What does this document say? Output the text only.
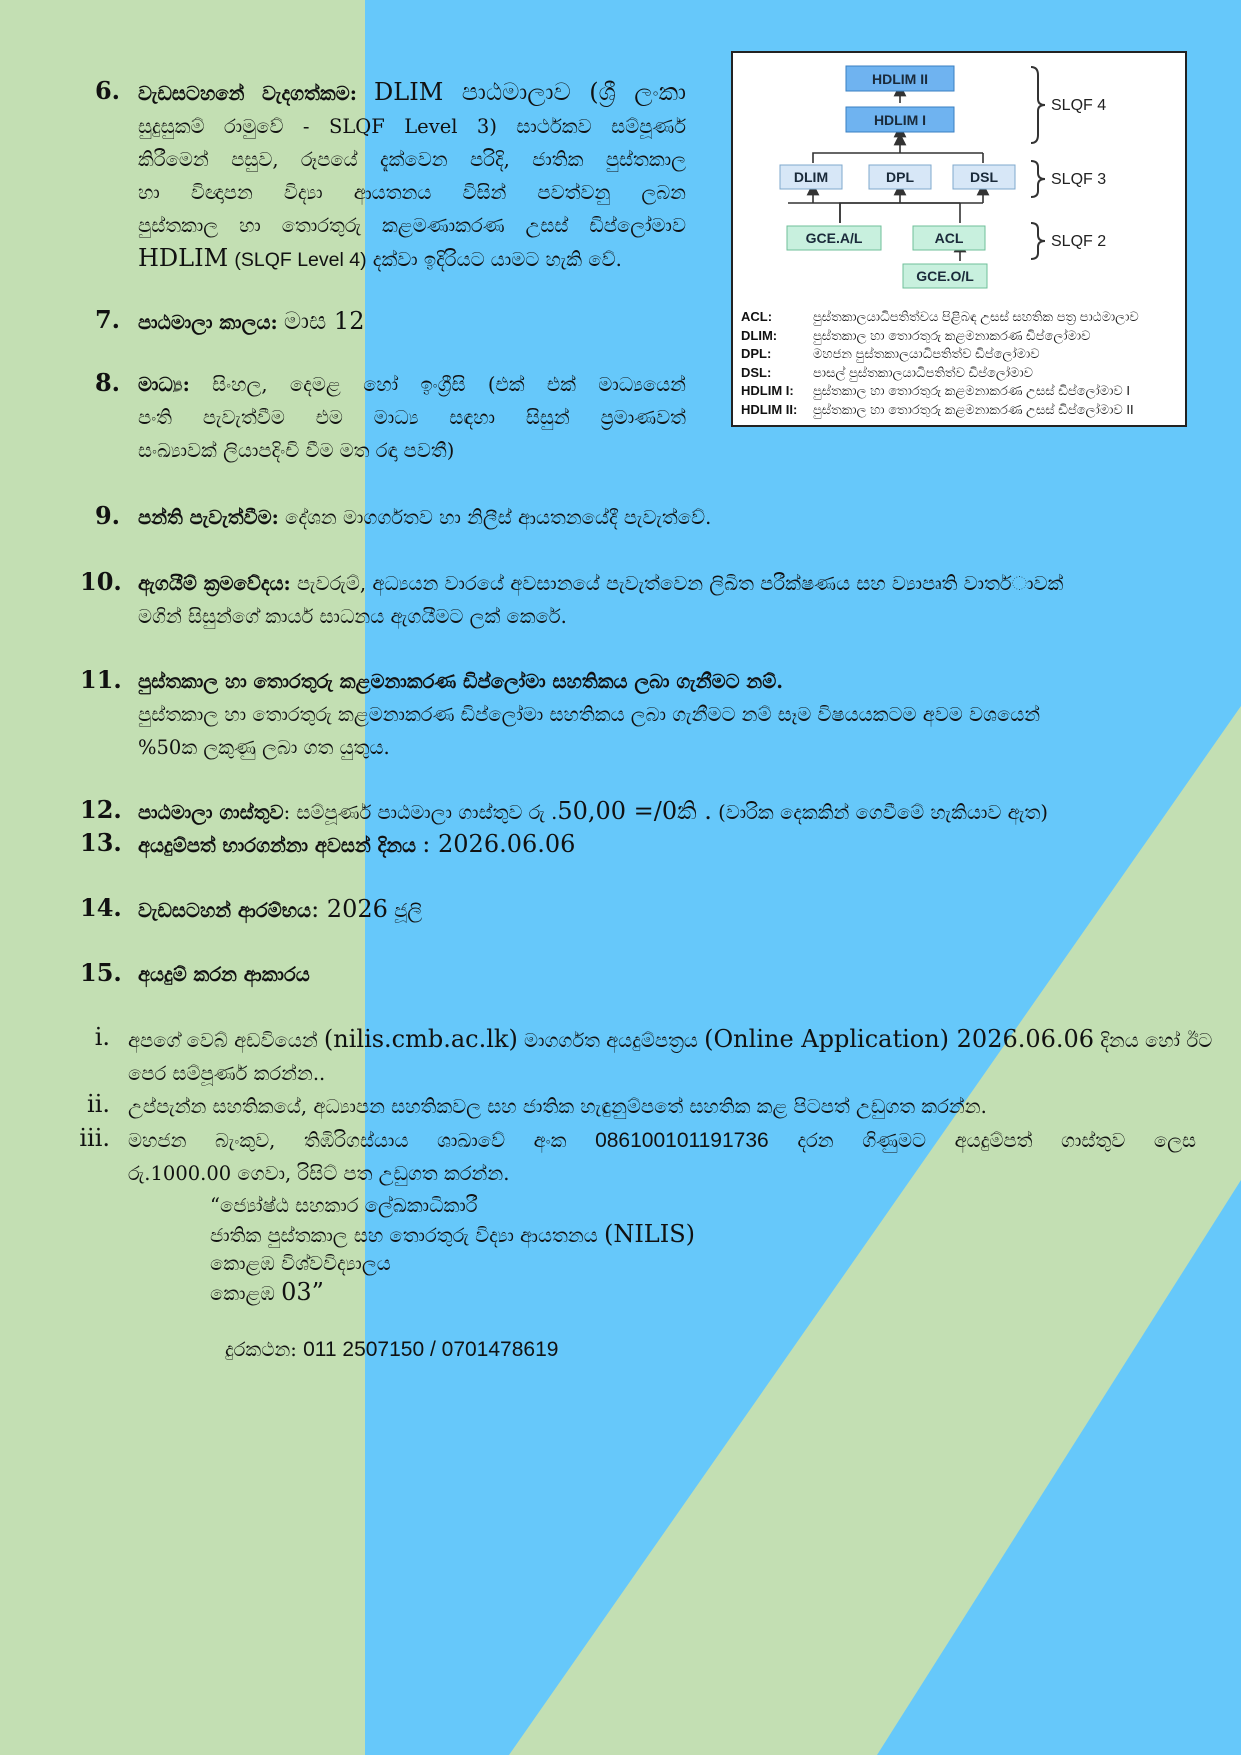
HDLIM II
HDLIM I
DLIM	DPL	DSL
GCE.A/L	ACL
GCE.O/L
SLQF 4
SLQF 3
SLQF 2
ACL:	පුස්තකාලයාධිපතිත්වය පිළිබඳ උසස් සහතික පත්‍ර පාඨමාලාව
DLIM:	පුස්තකාල හා තොරතුරු කළමනාකරණ ඩිප්ලෝමාව
DPL:	මහජන පුස්තකාලයාධිපතිත්ව ඩිප්ලෝමාව
DSL:	පාසල් පුස්තකාලයාධිපතිත්ව ඩිප්ලෝමාව
HDLIM I: පුස්තකාල හා තොරතුරු කළමනාකරණ උසස් ඩිප්ලෝමාව I
HDLIM II: පුස්තකාල හා තොරතුරු කළමනාකරණ උසස් ඩිප්ලෝමාව II
6. වැඩසටහනේ වැදගත්කම: DLIM පාඨමාලාව (ශ්‍රී ලංකා
සුදුසුකම් රාමුවේ - SLQF Level 3) සාර්ථකව සම්පූර්ණ
කිරීමෙන් පසුව, රූපයේ දැක්වෙන පරිදි, ජාතික පුස්තකාල
හා විඥාපන විද්‍යා ආයතනය විසින් පවත්වනු ලබන
පුස්තකාල හා තොරතුරු කළමණාකරණ උසස් ඩිප්ලෝමාව
HDLIM (SLQF Level 4) දක්වා ඉදිරියට යාමට හැකි වේ.
7. පාඨමාලා කාලය: මාස 12
8. මාධ්‍ය: සිංහල, දෙමළ හෝ ඉංග්‍රීසි (එක් එක් මාධ්‍යයෙන්
පංති පැවැත්වීම එම මාධ්‍ය සඳහා සිසුන් ප්‍රමාණවත්
සංඛ්‍යාවක් ලියාපදිංචි වීම මත රඳා පවතී)
9. පන්ති පැවැත්වීම: දේශන මාගර්ගතව හා නිලීස් ආයතනයේදී පැවැත්වේ.
10. ඇගයීම් ක්‍රමවේදය: පැවරුම්, අධ්‍යයන වාරයේ අවසානයේ පැවැත්වෙන ලිඛිත පරීක්ෂණය සහ ව්‍යාපෘති වාතර්ාවක්
මගින් සිසුන්ගේ කාර්ය සාධනය ඇගයීමට ලක් කෙරේ.
11. පුස්තකාල හා තොරතුරු කළමනාකරණ ඩිප්ලෝමා සහතිකය ලබා ගැනීමට නම්.
පුස්තකාල හා තොරතුරු කළමනාකරණ ඩිප්ලෝමා සහතිකය ලබා ගැනීමට නම් සෑම විෂයයකටම අවම වශයෙන්
%50ක ලකුණු ලබා ගත යුතුය.
12. පාඨමාලා ගාස්තුව: සම්පූර්ණ පාඨමාලා ගාස්තුව රු .50,00 =/0කි . (වාරික දෙකකින් ගෙවීමේ හැකියාව ඇත)
13. අයදුම්පත් භාරගන්නා අවසන් දිනය : 2026.06.06
14. වැඩසටහන් ආරම්භය: 2026 ජූලි
15. අයදුම් කරන ආකාරය
i. අපගේ වෙබ් අඩවියෙන් (nilis.cmb.ac.lk) මාගර්ගත අයදුම්පත්‍රය (Online Application) 2026.06.06 දිනය හෝ ඊට
පෙර සම්පූර්ණ කරන්න..
ii. උප්පැන්න සහතිකයේ, අධ්‍යාපන සහතිකවල සහ ජාතික හැඳුනුම්පතේ සහතික කළ පිටපත් උඩුගත කරන්න.
iii. මහජන බැංකුව, තිඹිරිගස්යාය ශාඛාවේ අංක 086100101191736 දරන ගිණුමට අයදුම්පත් ගාස්තුව ලෙස
රු.1000.00 ගෙවා, රිසිට් පත උඩුගත කරන්න.
“ජ්‍යෝෂ්ඨ සහකාර ලේඛකාධිකාරී
ජාතික පුස්තකාල සහ තොරතුරු විද්‍යා ආයතනය (NILIS)
කොළඹ විශ්වවිද්‍යාලය
කොළඹ 03”
දුරකථන: 011 2507150 / 0701478619
